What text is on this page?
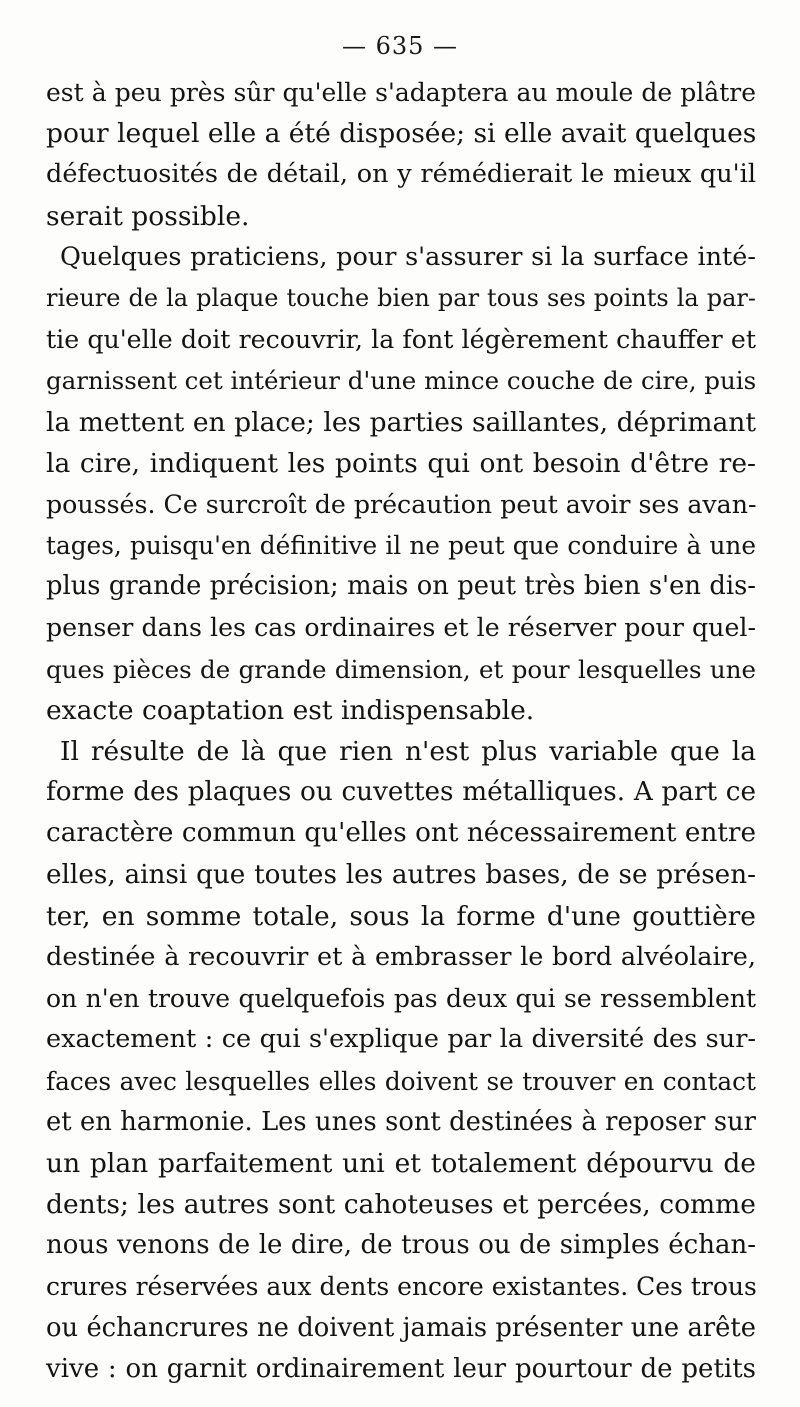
— 635 —
est à peu près sûr qu'elle s'adaptera au moule de plâtre
pour lequel elle a été disposée; si elle avait quelques
défectuosités de détail, on y rémédierait le mieux qu'il
serait possible.
Quelques praticiens, pour s'assurer si la surface inté-
rieure de la plaque touche bien par tous ses points la par-
tie qu'elle doit recouvrir, la font légèrement chauffer et
garnissent cet intérieur d'une mince couche de cire, puis
la mettent en place; les parties saillantes, déprimant
la cire, indiquent les points qui ont besoin d'être re-
poussés. Ce surcroît de précaution peut avoir ses avan-
tages, puisqu'en définitive il ne peut que conduire à une
plus grande précision; mais on peut très bien s'en dis-
penser dans les cas ordinaires et le réserver pour quel-
ques pièces de grande dimension, et pour lesquelles une
exacte coaptation est indispensable.
Il résulte de là que rien n'est plus variable que la
forme des plaques ou cuvettes métalliques. A part ce
caractère commun qu'elles ont nécessairement entre
elles, ainsi que toutes les autres bases, de se présen-
ter, en somme totale, sous la forme d'une gouttière
destinée à recouvrir et à embrasser le bord alvéolaire,
on n'en trouve quelquefois pas deux qui se ressemblent
exactement : ce qui s'explique par la diversité des sur-
faces avec lesquelles elles doivent se trouver en contact
et en harmonie. Les unes sont destinées à reposer sur
un plan parfaitement uni et totalement dépourvu de
dents; les autres sont cahoteuses et percées, comme
nous venons de le dire, de trous ou de simples échan-
crures réservées aux dents encore existantes. Ces trous
ou échancrures ne doivent jamais présenter une arête
vive : on garnit ordinairement leur pourtour de petits
